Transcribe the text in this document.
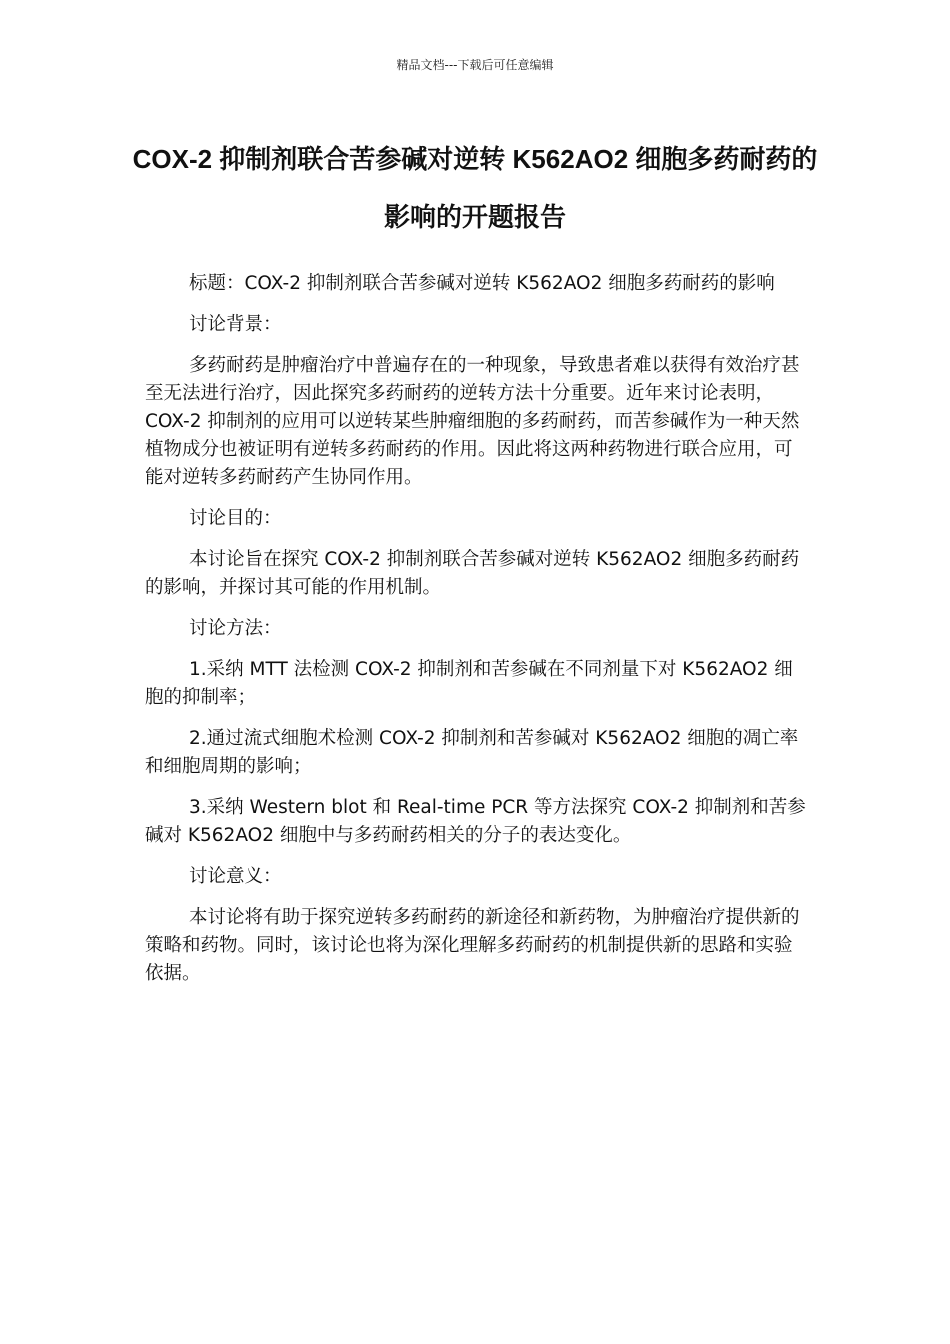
精品文档---下载后可任意编辑
COX-2 抑制剂联合苦参碱对逆转 K562AO2 细胞多药耐药的影响的开题报告

标题：COX-2 抑制剂联合苦参碱对逆转 K562AO2 细胞多药耐药的影响

讨论背景：

多药耐药是肿瘤治疗中普遍存在的一种现象，导致患者难以获得有效治疗甚至无法进行治疗，因此探究多药耐药的逆转方法十分重要。近年来讨论表明，COX-2 抑制剂的应用可以逆转某些肿瘤细胞的多药耐药，而苦参碱作为一种天然植物成分也被证明有逆转多药耐药的作用。因此将这两种药物进行联合应用，可能对逆转多药耐药产生协同作用。

讨论目的：

本讨论旨在探究 COX-2 抑制剂联合苦参碱对逆转 K562AO2 细胞多药耐药的影响，并探讨其可能的作用机制。

讨论方法：

1.采纳 MTT 法检测 COX-2 抑制剂和苦参碱在不同剂量下对 K562AO2 细胞的抑制率；

2.通过流式细胞术检测 COX-2 抑制剂和苦参碱对 K562AO2 细胞的凋亡率和细胞周期的影响；

3.采纳 Western blot 和 Real-time PCR 等方法探究 COX-2 抑制剂和苦参碱对 K562AO2 细胞中与多药耐药相关的分子的表达变化。

讨论意义：

本讨论将有助于探究逆转多药耐药的新途径和新药物，为肿瘤治疗提供新的策略和药物。同时，该讨论也将为深化理解多药耐药的机制提供新的思路和实验依据。
